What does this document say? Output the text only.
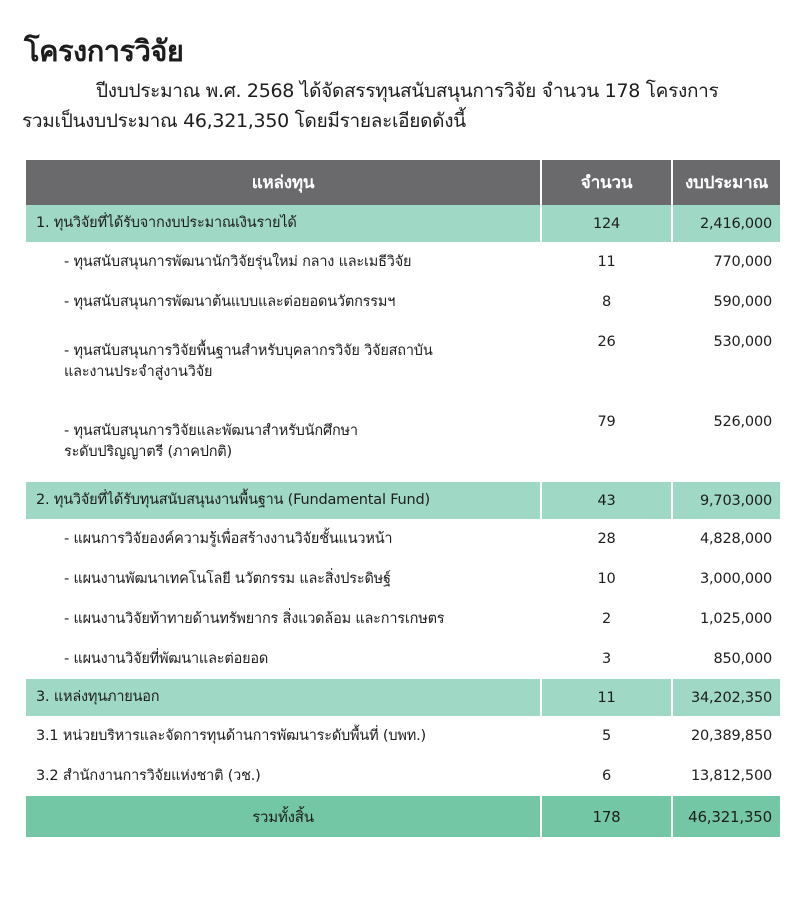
โครงการวิจัย
ปีงบประมาณ พ.ศ. 2568 ได้จัดสรรทุนสนับสนุนการวิจัย จำนวน 178 โครงการ
รวมเป็นงบประมาณ 46,321,350 โดยมีรายละเอียดดังนี้
แหล่งทุน	จำนวน	งบประมาณ

1. ทุนวิจัยที่ได้รับจากงบประมาณเงินรายได้	124	2,416,000

- ทุนสนับสนุนการพัฒนานักวิจัยรุ่นใหม่ กลาง และเมธีวิจัย	11	770,000

- ทุนสนับสนุนการพัฒนาต้นแบบและต่อยอดนวัตกรรมฯ	8	590,000

- ทุนสนับสนุนการวิจัยพื้นฐานสำหรับบุคลากรวิจัย วิจัยสถาบัน
และงานประจำสู่งานวิจัย	26	530,000

- ทุนสนับสนุนการวิจัยและพัฒนาสำหรับนักศึกษา
ระดับปริญญาตรี (ภาคปกติ)	79	526,000

2. ทุนวิจัยที่ได้รับทุนสนับสนุนงานพื้นฐาน (Fundamental Fund)	43	9,703,000

- แผนการวิจัยองค์ความรู้เพื่อสร้างงานวิจัยชั้นแนวหน้า	28	4,828,000

- แผนงานพัฒนาเทคโนโลยี นวัตกรรม และสิ่งประดิษฐ์	10	3,000,000

- แผนงานวิจัยท้าทายด้านทรัพยากร สิ่งแวดล้อม และการเกษตร	2	1,025,000

- แผนงานวิจัยที่พัฒนาและต่อยอด	3	850,000

3. แหล่งทุนภายนอก	11	34,202,350

3.1 หน่วยบริหารและจัดการทุนด้านการพัฒนาระดับพื้นที่ (บพท.)	5	20,389,850

3.2 สำนักงานการวิจัยแห่งชาติ (วช.)	6	13,812,500
รวมทั้งสิ้น	178	46,321,350
